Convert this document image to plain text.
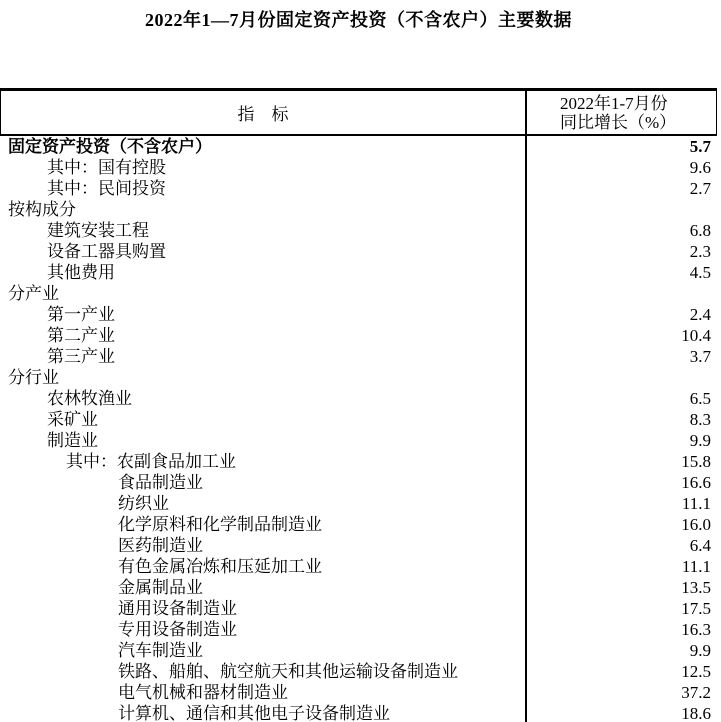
2022年1—7月份固定资产投资（不含农户）主要数据
指　标
2022年1-7月份
同比增长（%）
固定资产投资（不含农户）	5.7
其中：国有控股	9.6
其中：民间投资	2.7
按构成分
建筑安装工程	6.8
设备工器具购置	2.3
其他费用	4.5
分产业
第一产业	2.4
第二产业	10.4
第三产业	3.7
分行业
农林牧渔业	6.5
采矿业	8.3
制造业	9.9
其中：农副食品加工业	15.8
食品制造业	16.6
纺织业	11.1
化学原料和化学制品制造业	16.0
医药制造业	6.4
有色金属冶炼和压延加工业	11.1
金属制品业	13.5
通用设备制造业	17.5
专用设备制造业	16.3
汽车制造业	9.9
铁路、船舶、航空航天和其他运输设备制造业	12.5
电气机械和器材制造业	37.2
计算机、通信和其他电子设备制造业	18.6
